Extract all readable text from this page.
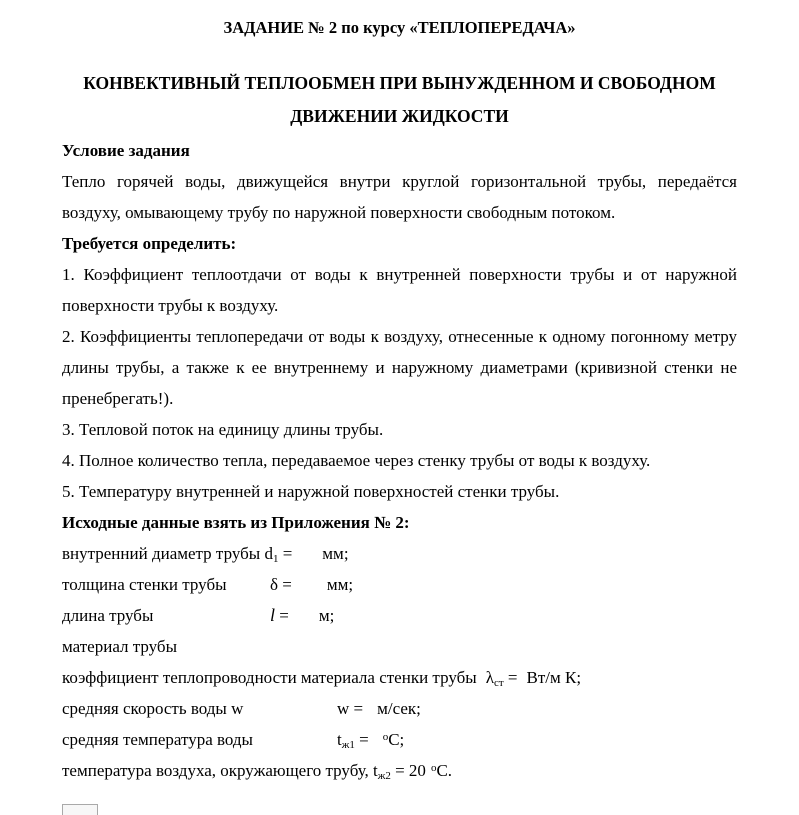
ЗАДАНИЕ № 2 по курсу «ТЕПЛОПЕРЕДАЧА»

КОНВЕКТИВНЫЙ ТЕПЛООБМЕН ПРИ ВЫНУЖДЕННОМ И СВОБОДНОМ
ДВИЖЕНИИ ЖИДКОСТИ

Условие задания

Тепло горячей воды, движущейся внутри круглой горизонтальной трубы, передаётся воздуху, омывающему трубу по наружной поверхности свободным потоком.

Требуется определить:

1. Коэффициент теплоотдачи от воды к внутренней поверхности трубы и от наружной поверхности трубы к воздуху.

2. Коэффициенты теплопередачи от воды к воздуху, отнесенные к одному погонному метру длины трубы, а также к ее внутреннему и наружному диаметрами (кривизной стенки не пренебрегать!).

3. Тепловой поток на единицу длины трубы.

4. Полное количество тепла, передаваемое через стенку трубы от воды к воздуху.

5. Температуру внутренней и наружной поверхностей стенки трубы.

Исходные данные взять из Приложения № 2:

внутренний диаметр трубы $d_1$ = мм;

толщина стенки трубы	δ = мм;

длина трубы	l = м;

материал трубы

коэффициент теплопроводности материала стенки трубы $\lambda_{ст} = Вт/м$ К;

средняя скорость воды w	w = м/сек;

средняя температура воды	$t_{ж1} = ^оС$;

температура воздуха, окружающего трубу, $t_{ж2} = 20$ $^о$С.
